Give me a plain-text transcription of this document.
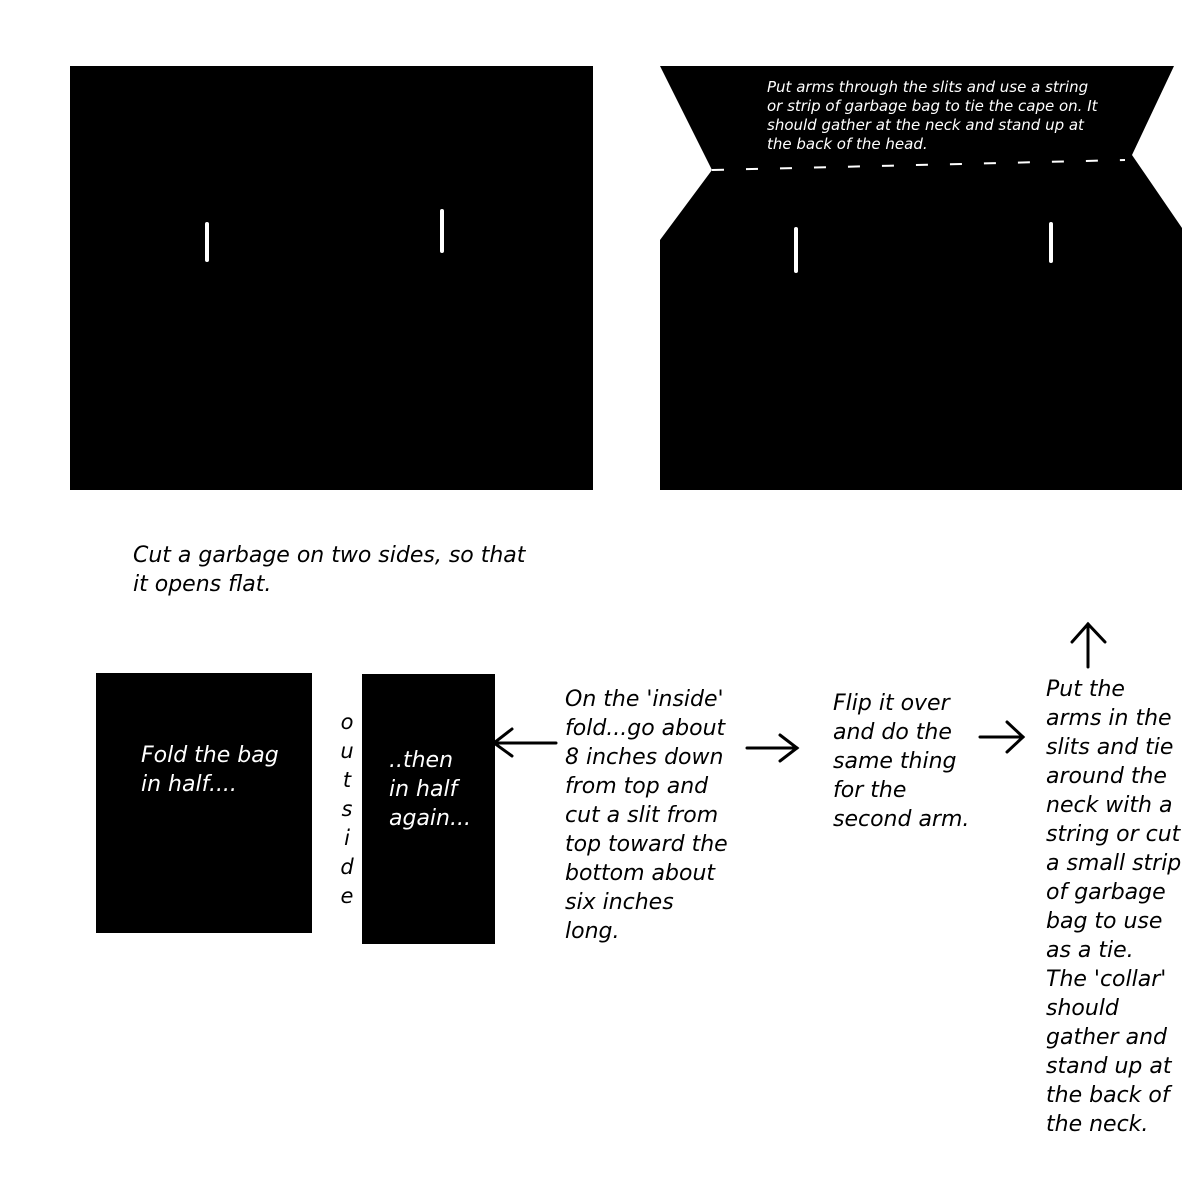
Put arms through the slits and use a string
or strip of garbage bag to tie the cape on. It
should gather at the neck and stand up at
the back of the head.
Cut a garbage on two sides, so that
it opens flat.
Fold the bag
in half....
o
u
t
s
i
d
e
..then
in half
again...
On the 'inside'
fold...go about
8 inches down
from top and
cut a slit from
top toward the
bottom about
six inches
long.
Flip it over
and do the
same thing
for the
second arm.
Put the
arms in the
slits and tie
around the
neck with a
string or cut
a small strip
of garbage
bag to use
as a tie.
The 'collar'
should
gather and
stand up at
the back of
the neck.
